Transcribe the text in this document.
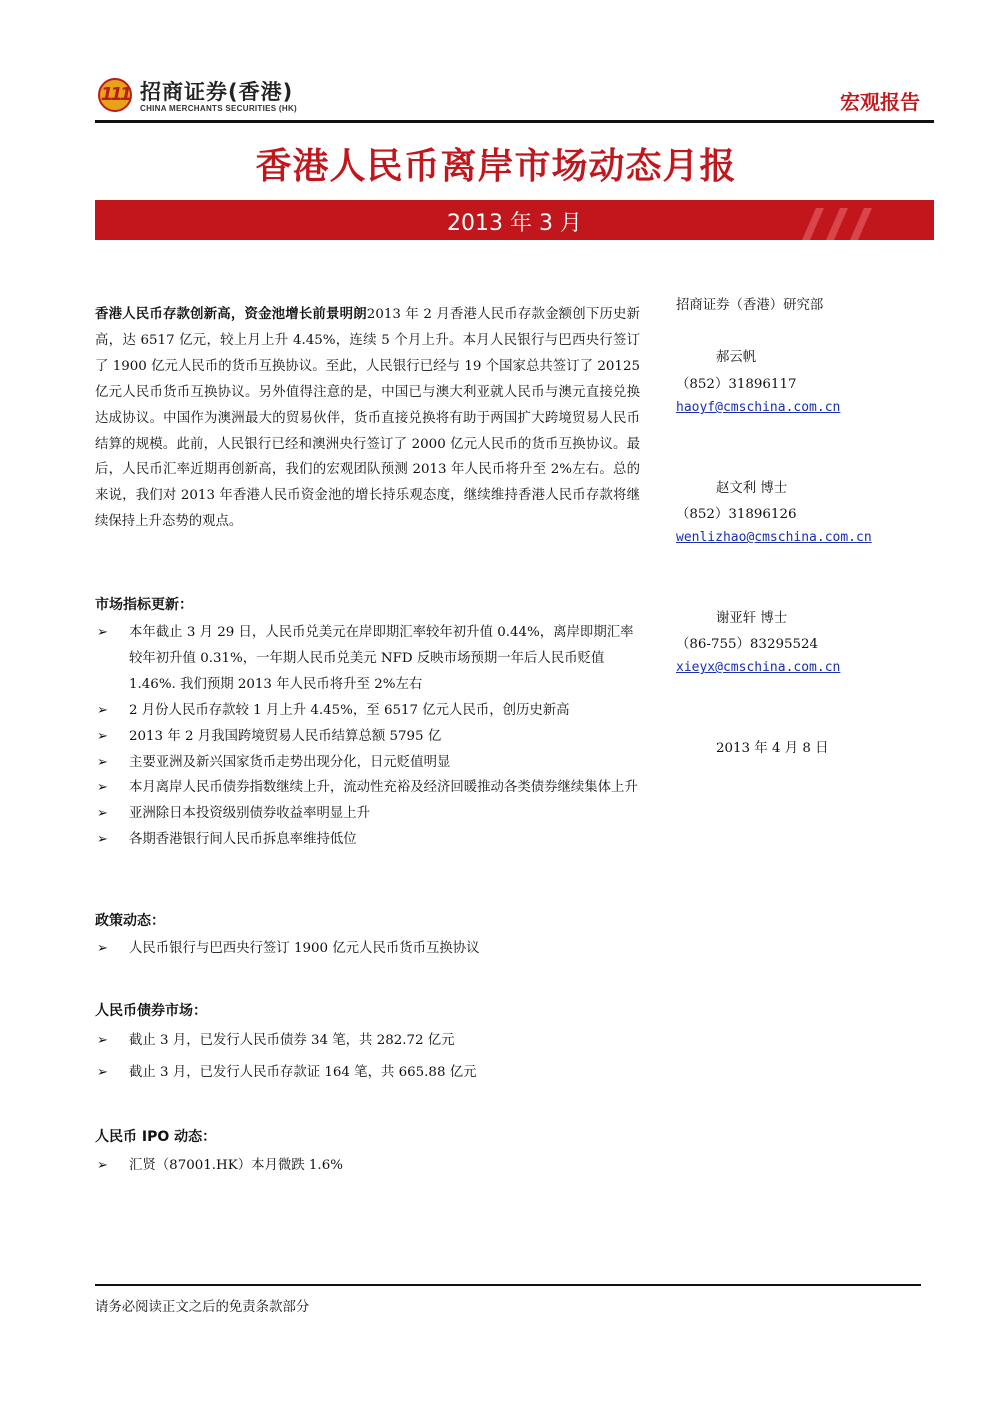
111 招商证券(香港)
CHINA MERCHANTS SECURITIES (HK)	宏观报告
香港人民币离岸市场动态月报
2013 年 3 月
香港人民币存款创新高，资金池增长前景明朗2013 年 2 月香港人民币存款金额创下历史新高，达 6517 亿元，较上月上升 4.45%，连续 5 个月上升。本月人民银行与巴西央行签订了 1900 亿元人民币的货币互换协议。至此，人民银行已经与 19 个国家总共签订了 20125 亿元人民币货币互换协议。另外值得注意的是，中国已与澳大利亚就人民币与澳元直接兑换达成协议。中国作为澳洲最大的贸易伙伴，货币直接兑换将有助于两国扩大跨境贸易人民币结算的规模。此前，人民银行已经和澳洲央行签订了 2000 亿元人民币的货币互换协议。最后，人民币汇率近期再创新高，我们的宏观团队预测 2013 年人民币将升至 2%左右。总的来说，我们对 2013 年香港人民币资金池的增长持乐观态度，继续维持香港人民币存款将继续保持上升态势的观点。
市场指标更新：
➢ 本年截止 3 月 29 日，人民币兑美元在岸即期汇率较年初升值 0.44%，离岸即期汇率较年初升值 0.31%，一年期人民币兑美元 NFD 反映市场预期一年后人民币贬值 1.46%. 我们预期 2013 年人民币将升至 2%左右
➢ 2 月份人民币存款较 1 月上升 4.45%，至 6517 亿元人民币，创历史新高
➢ 2013 年 2 月我国跨境贸易人民币结算总额 5795 亿
➢ 主要亚洲及新兴国家货币走势出现分化，日元贬值明显
➢ 本月离岸人民币债券指数继续上升，流动性充裕及经济回暖推动各类债券继续集体上升
➢ 亚洲除日本投资级别债券收益率明显上升
➢ 各期香港银行间人民币拆息率维持低位
政策动态：
➢ 人民币银行与巴西央行签订 1900 亿元人民币货币互换协议
人民币债券市场：
➢ 截止 3 月，已发行人民币债券 34 笔，共 282.72 亿元
➢ 截止 3 月，已发行人民币存款证 164 笔，共 665.88 亿元
人民币 IPO 动态：
➢ 汇贤（87001.HK）本月微跌 1.6%
招商证券（香港）研究部
郝云帆
（852）31896117
haoyf@cmschina.com.cn
赵文利 博士
（852）31896126
wenlizhao@cmschina.com.cn
谢亚轩 博士
（86-755）83295524
xieyx@cmschina.com.cn
2013 年 4 月 8 日
请务必阅读正文之后的免责条款部分
